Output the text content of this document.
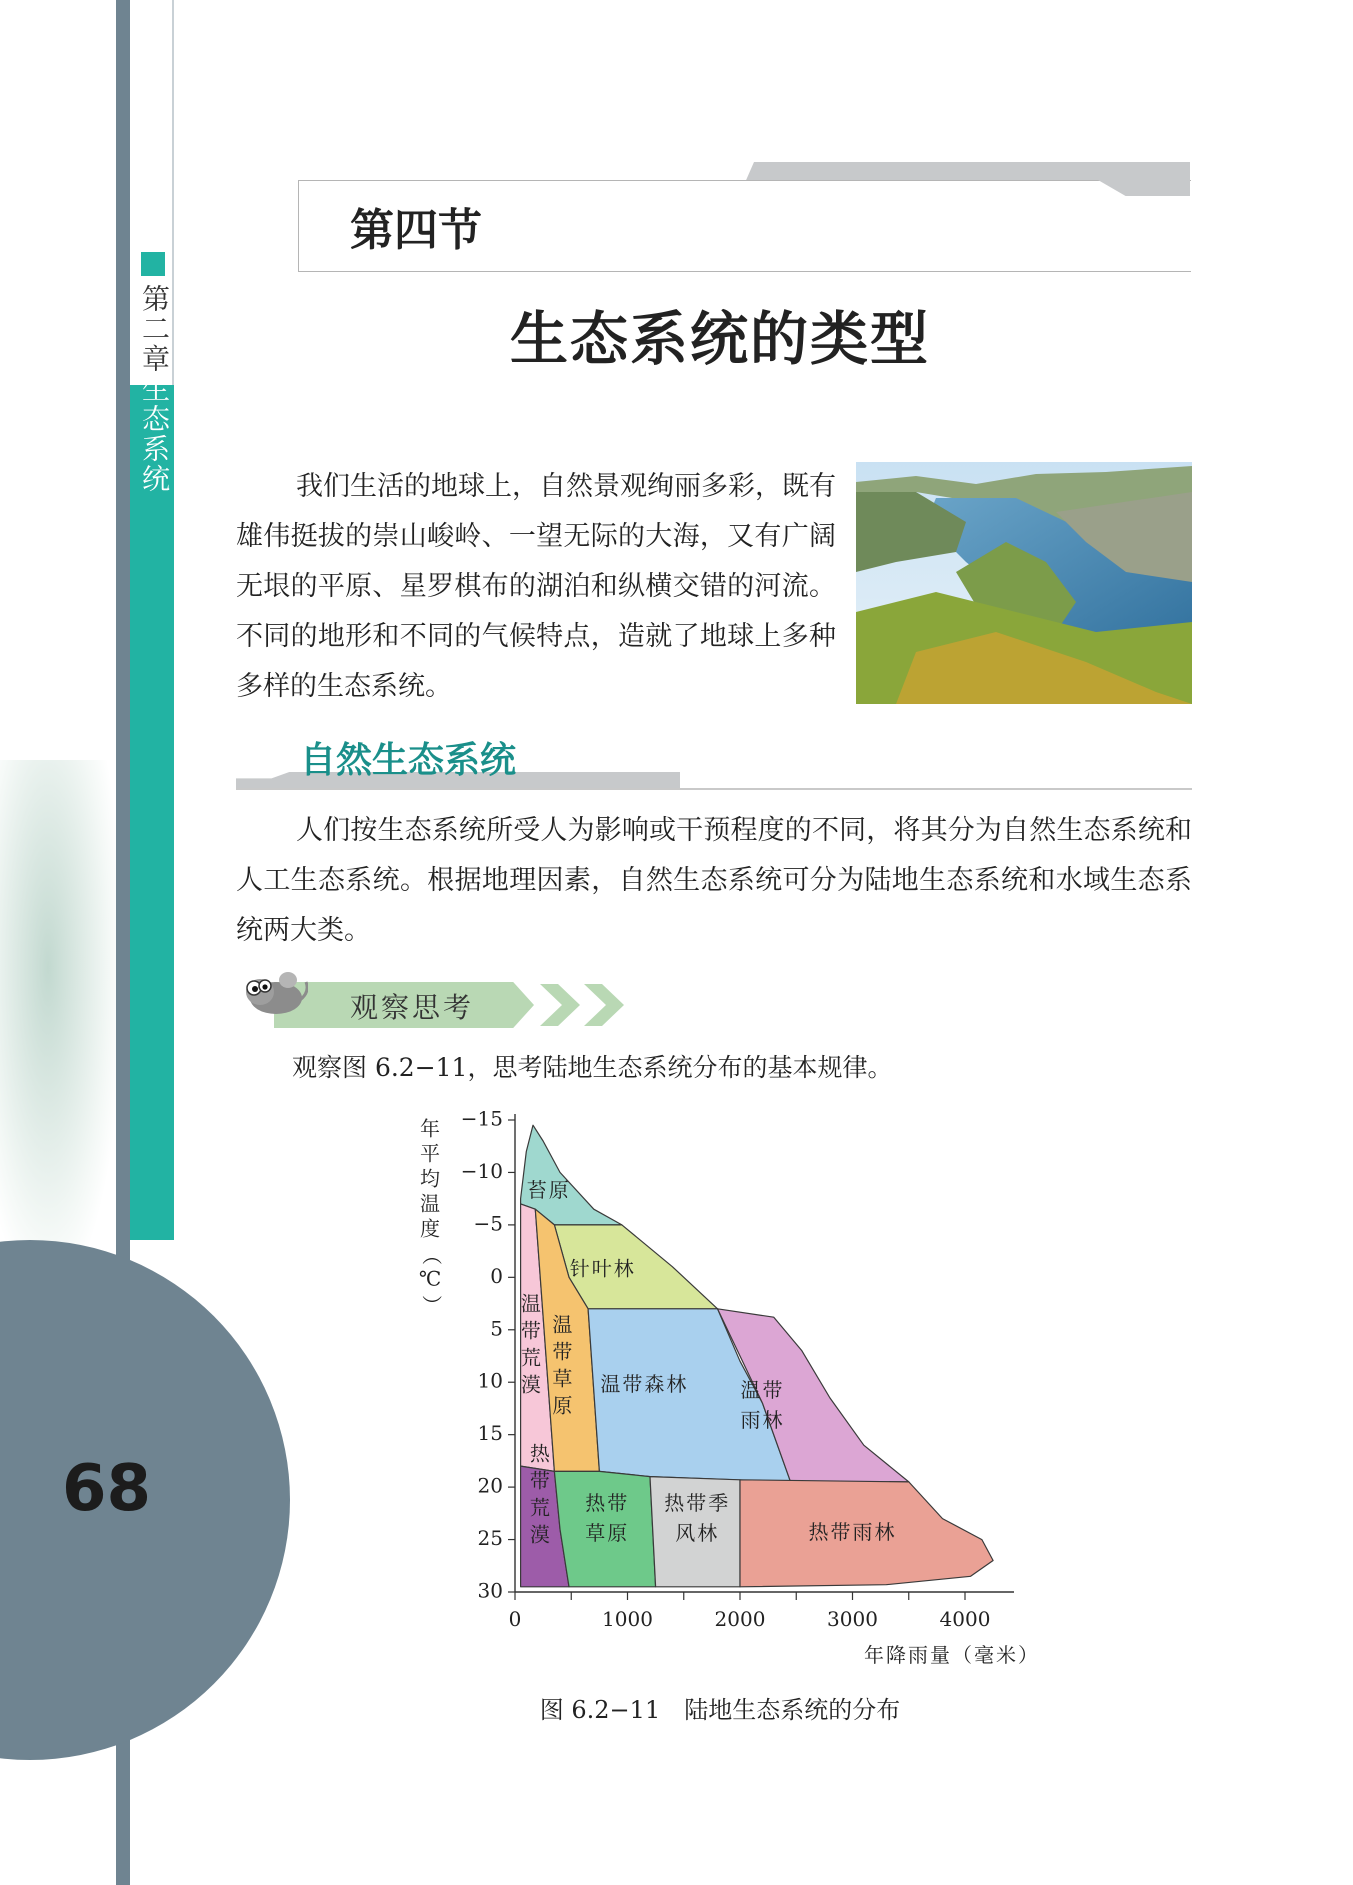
第二章生态系统
68
第四节
生态系统的类型

我们生活的地球上，自然景观绚丽多彩，既有雄伟挺拔的崇山峻岭、一望无际的大海，又有广阔无垠的平原、星罗棋布的湖泊和纵横交错的河流。不同的地形和不同的气候特点，造就了地球上多种多样的生态系统。

自然生态系统

人们按生态系统所受人为影响或干预程度的不同，将其分为自然生态系统和人工生态系统。根据地理因素，自然生态系统可分为陆地生态系统和水域生态系统两大类。

观察思考
观察图 6.2−11，思考陆地生态系统分布的基本规律。
苔原
针叶林
温
带
荒
漠
温
带
草
原
温带森林	温带
雨林
热
带
荒
漠
热带
草原
热带季
风林	热带雨林
−15
−10
−5
0
5
10
15
20
25
30
0	1000	2000	3000	4000
年降雨量（毫米）
年
平
均
温
度
（
℃
）
图 6.2−11　陆地生态系统的分布
